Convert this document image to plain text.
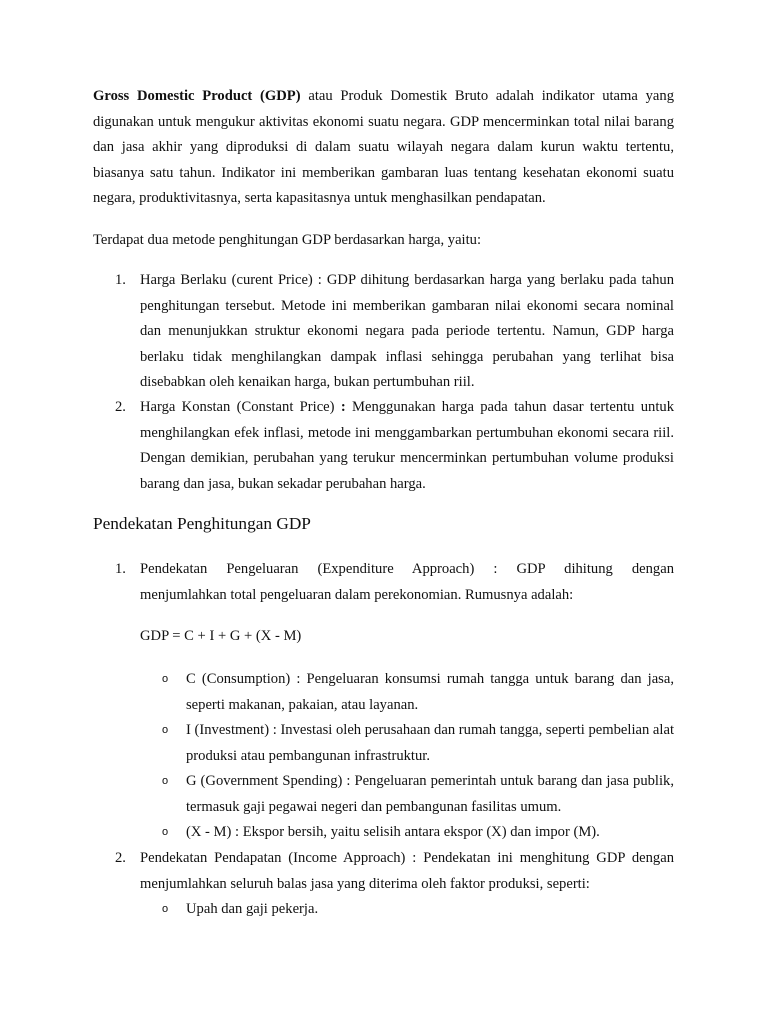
Gross Domestic Product (GDP) atau Produk Domestik Bruto adalah indikator utama yang digunakan untuk mengukur aktivitas ekonomi suatu negara. GDP mencerminkan total nilai barang dan jasa akhir yang diproduksi di dalam suatu wilayah negara dalam kurun waktu tertentu, biasanya satu tahun. Indikator ini memberikan gambaran luas tentang kesehatan ekonomi suatu negara, produktivitasnya, serta kapasitasnya untuk menghasilkan pendapatan.

Terdapat dua metode penghitungan GDP berdasarkan harga, yaitu:

1. Harga Berlaku (curent Price) : GDP dihitung berdasarkan harga yang berlaku pada tahun penghitungan tersebut. Metode ini memberikan gambaran nilai ekonomi secara nominal dan menunjukkan struktur ekonomi negara pada periode tertentu. Namun, GDP harga berlaku tidak menghilangkan dampak inflasi sehingga perubahan yang terlihat bisa disebabkan oleh kenaikan harga, bukan pertumbuhan riil.
2. Harga Konstan (Constant Price) : Menggunakan harga pada tahun dasar tertentu untuk menghilangkan efek inflasi, metode ini menggambarkan pertumbuhan ekonomi secara riil. Dengan demikian, perubahan yang terukur mencerminkan pertumbuhan volume produksi barang dan jasa, bukan sekadar perubahan harga.
Pendekatan Penghitungan GDP
1. Pendekatan Pengeluaran (Expenditure Approach) : GDP dihitung dengan
menjumlahkan total pengeluaran dalam perekonomian. Rumusnya adalah:
GDP = C + I + G + (X - M)
o C (Consumption) : Pengeluaran konsumsi rumah tangga untuk barang dan jasa, seperti makanan, pakaian, atau layanan.
o I (Investment) : Investasi oleh perusahaan dan rumah tangga, seperti pembelian alat produksi atau pembangunan infrastruktur.
o G (Government Spending) : Pengeluaran pemerintah untuk barang dan jasa publik, termasuk gaji pegawai negeri dan pembangunan fasilitas umum.
o (X - M) : Ekspor bersih, yaitu selisih antara ekspor (X) dan impor (M).
2. Pendekatan Pendapatan (Income Approach) : Pendekatan ini menghitung GDP dengan menjumlahkan seluruh balas jasa yang diterima oleh faktor produksi, seperti:
o Upah dan gaji pekerja.
